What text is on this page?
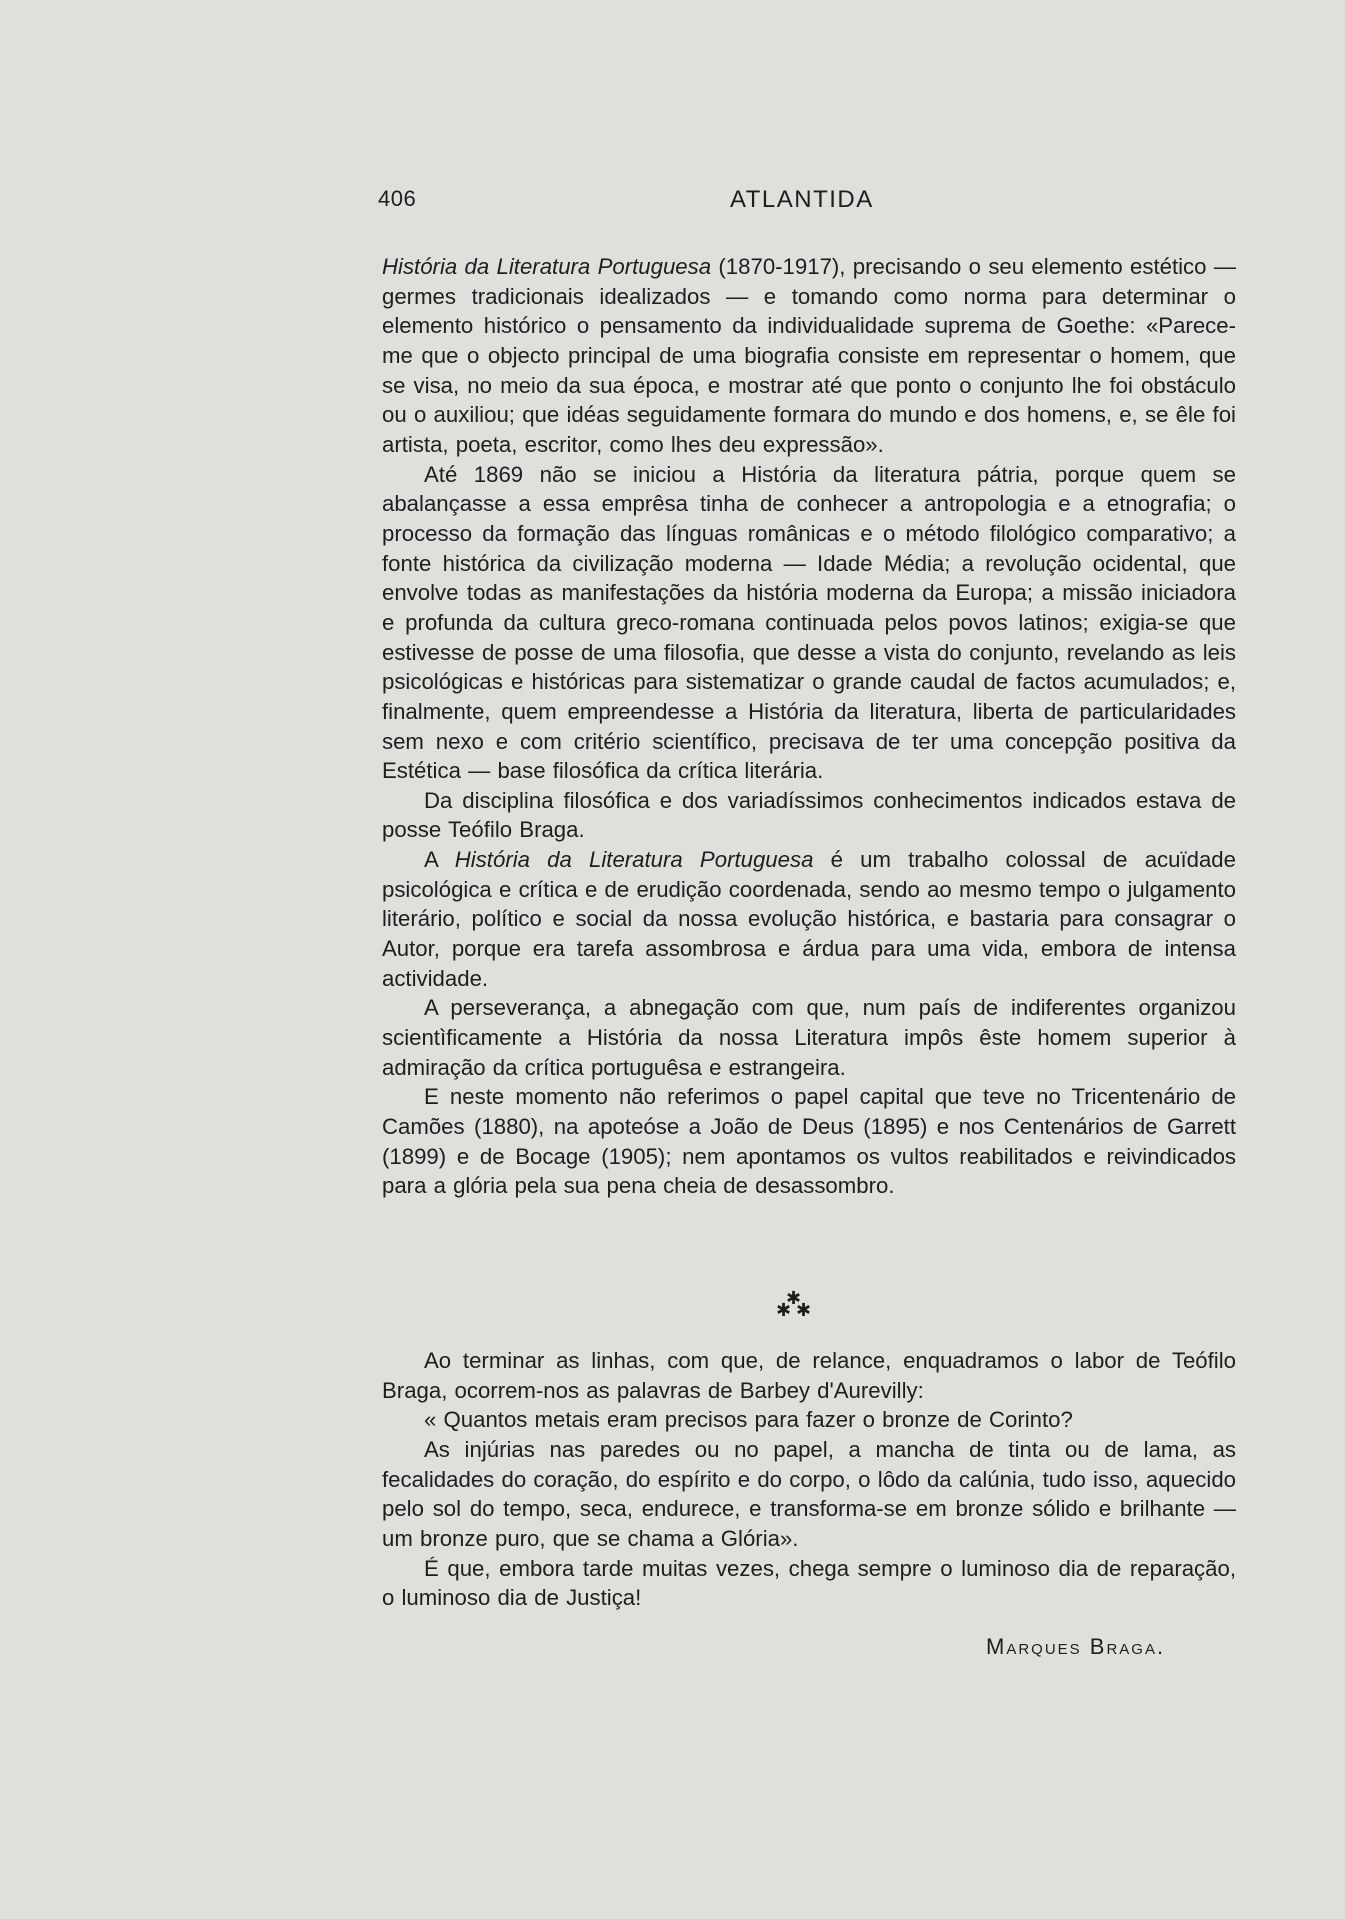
406	ATLANTIDA

História da Literatura Portuguesa (1870-1917), precisando o seu elemento estético — germes tradicionais idealizados — e tomando como norma para determinar o elemento histórico o pensamento da individualidade suprema de Goethe: «Parece-me que o objecto principal de uma biografia consiste em representar o homem, que se visa, no meio da sua época, e mostrar até que ponto o conjunto lhe foi obstáculo ou o auxiliou; que idéas seguidamente formara do mundo e dos homens, e, se êle foi artista, poeta, escritor, como lhes deu expressão».

Até 1869 não se iniciou a História da literatura pátria, porque quem se abalançasse a essa emprêsa tinha de conhecer a antropologia e a etnografia; o processo da formação das línguas românicas e o método filológico comparativo; a fonte histórica da civilização moderna — Idade Média; a revolução ocidental, que envolve todas as manifestações da história moderna da Europa; a missão iniciadora e profunda da cultura greco-romana continuada pelos povos latinos; exigia-se que estivesse de posse de uma filosofia, que desse a vista do conjunto, revelando as leis psicológicas e históricas para sistematizar o grande caudal de factos acumulados; e, finalmente, quem empreendesse a História da literatura, liberta de particularidades sem nexo e com critério scientífico, precisava de ter uma concepção positiva da Estética — base filosófica da crítica literária.

Da disciplina filosófica e dos variadíssimos conhecimentos indicados estava de posse Teófilo Braga.

A História da Literatura Portuguesa é um trabalho colossal de acuïdade psicológica e crítica e de erudição coordenada, sendo ao mesmo tempo o julgamento literário, político e social da nossa evolução histórica, e bastaria para consagrar o Autor, porque era tarefa assombrosa e árdua para uma vida, embora de intensa actividade.

A perseverança, a abnegação com que, num país de indiferentes organizou scientìficamente a História da nossa Literatura impôs êste homem superior à admiração da crítica portuguêsa e estrangeira.

E neste momento não referimos o papel capital que teve no Tricentenário de Camões (1880), na apoteóse a João de Deus (1895) e nos Centenários de Garrett (1899) e de Bocage (1905); nem apontamos os vultos reabilitados e reivindicados para a glória pela sua pena cheia de desassombro.

✱
✱ ✱

Ao terminar as linhas, com que, de relance, enquadramos o labor de Teófilo Braga, ocorrem-nos as palavras de Barbey d'Aurevilly:

« Quantos metais eram precisos para fazer o bronze de Corinto?

As injúrias nas paredes ou no papel, a mancha de tinta ou de lama, as fecalidades do coração, do espírito e do corpo, o lôdo da calúnia, tudo isso, aquecido pelo sol do tempo, seca, endurece, e transforma-se em bronze sólido e brilhante — um bronze puro, que se chama a Glória».

É que, embora tarde muitas vezes, chega sempre o luminoso dia de reparação, o luminoso dia de Justiça!

Marques Braga.
